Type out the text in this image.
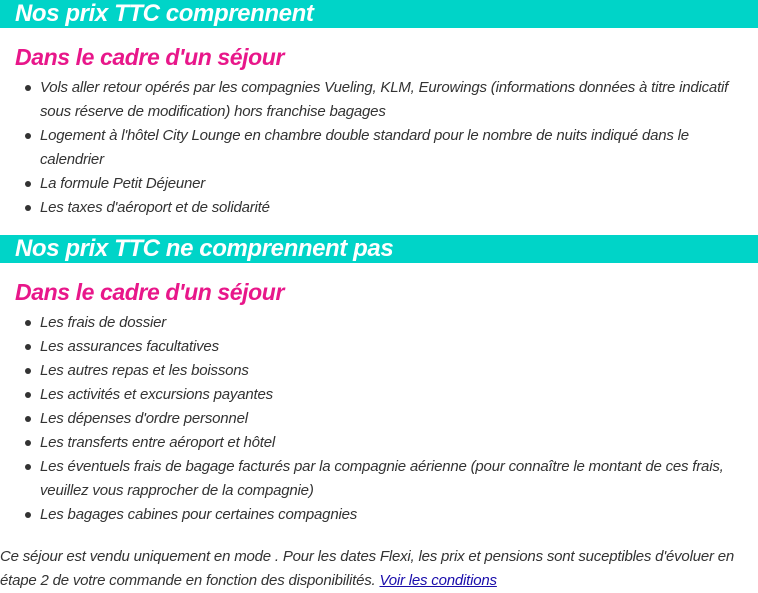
Nos prix TTC comprennent
Dans le cadre d'un séjour
Vols aller retour opérés par les compagnies Vueling, KLM, Eurowings (informations données à titre indicatif sous réserve de modification) hors franchise bagages
Logement à l'hôtel City Lounge en chambre double standard pour le nombre de nuits indiqué dans le calendrier
La formule Petit Déjeuner
Les taxes d'aéroport et de solidarité
Nos prix TTC ne comprennent pas
Dans le cadre d'un séjour
Les frais de dossier
Les assurances facultatives
Les autres repas et les boissons
Les activités et excursions payantes
Les dépenses d'ordre personnel
Les transferts entre aéroport et hôtel
Les éventuels frais de bagage facturés par la compagnie aérienne (pour connaître le montant de ces frais, veuillez vous rapprocher de la compagnie)
Les bagages cabines pour certaines compagnies
Ce séjour est vendu uniquement en mode . Pour les dates Flexi, les prix et pensions sont suceptibles d'évoluer en étape 2 de votre commande en fonction des disponibilités. Voir les conditions
